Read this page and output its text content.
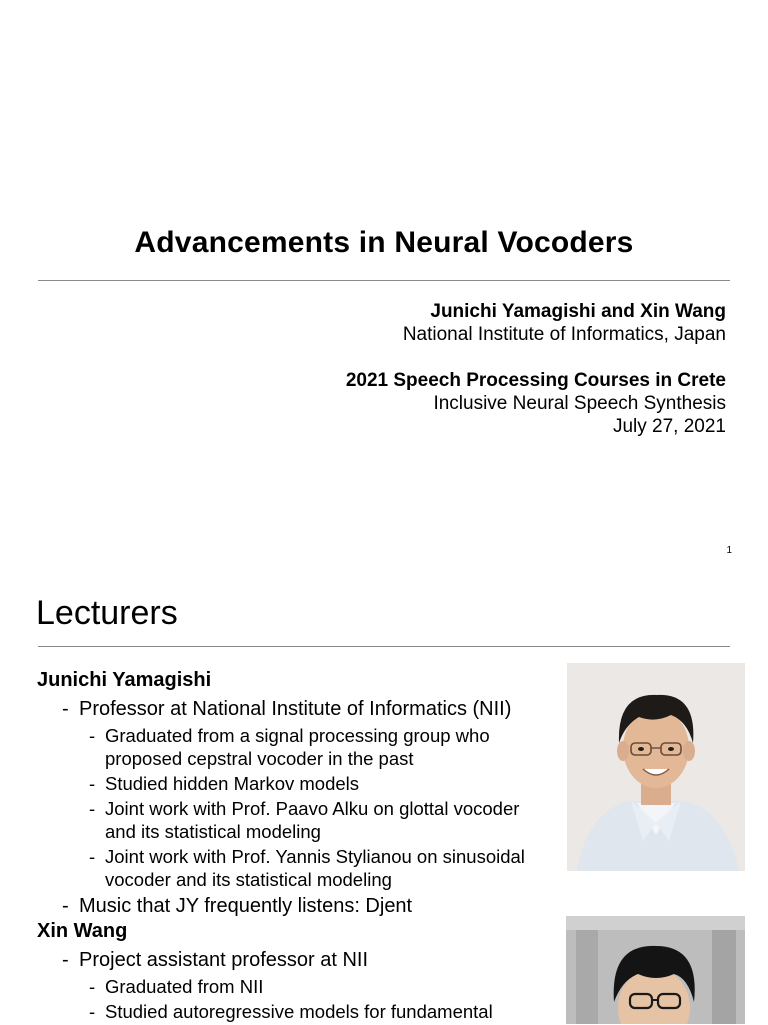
Advancements in Neural Vocoders
Junichi Yamagishi and Xin Wang
National Institute of Informatics, Japan
2021 Speech Processing Courses in Crete
Inclusive Neural Speech Synthesis
July 27, 2021
1
Lecturers
Junichi Yamagishi
- Professor at National Institute of Informatics (NII)
- Graduated from a signal processing group who proposed cepstral vocoder in the past
- Studied hidden Markov models
- Joint work with Prof. Paavo Alku on glottal vocoder and its statistical modeling
- Joint work with Prof. Yannis Stylianou on sinusoidal vocoder and its statistical modeling
- Music that JY frequently listens: Djent
Xin Wang
- Project assistant professor at NII
- Graduated from NII
- Studied autoregressive models for fundamental
